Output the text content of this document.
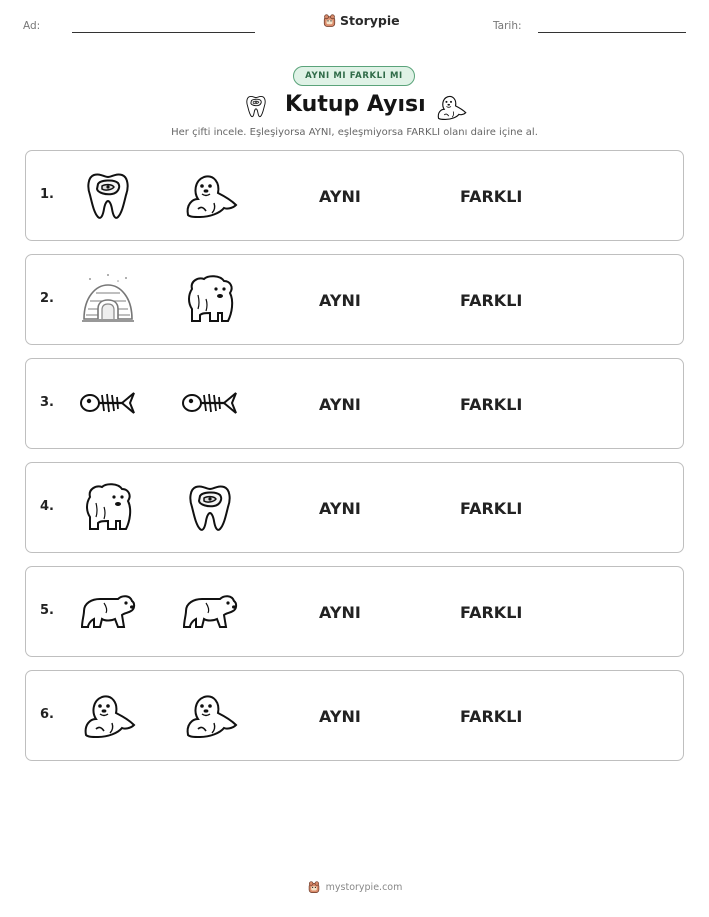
Ad:	Storypie	Tarih:
AYNI MI FARKLI MI
Kutup Ayısı
Her çifti incele. Eşleşiyorsa AYNI, eşleşmiyorsa FARKLI olanı daire içine al.
1.	AYNI	FARKLI
2.	AYNI	FARKLI
3.	AYNI	FARKLI
4.	AYNI	FARKLI
5.	AYNI	FARKLI
6.	AYNI	FARKLI
mystorypie.com
